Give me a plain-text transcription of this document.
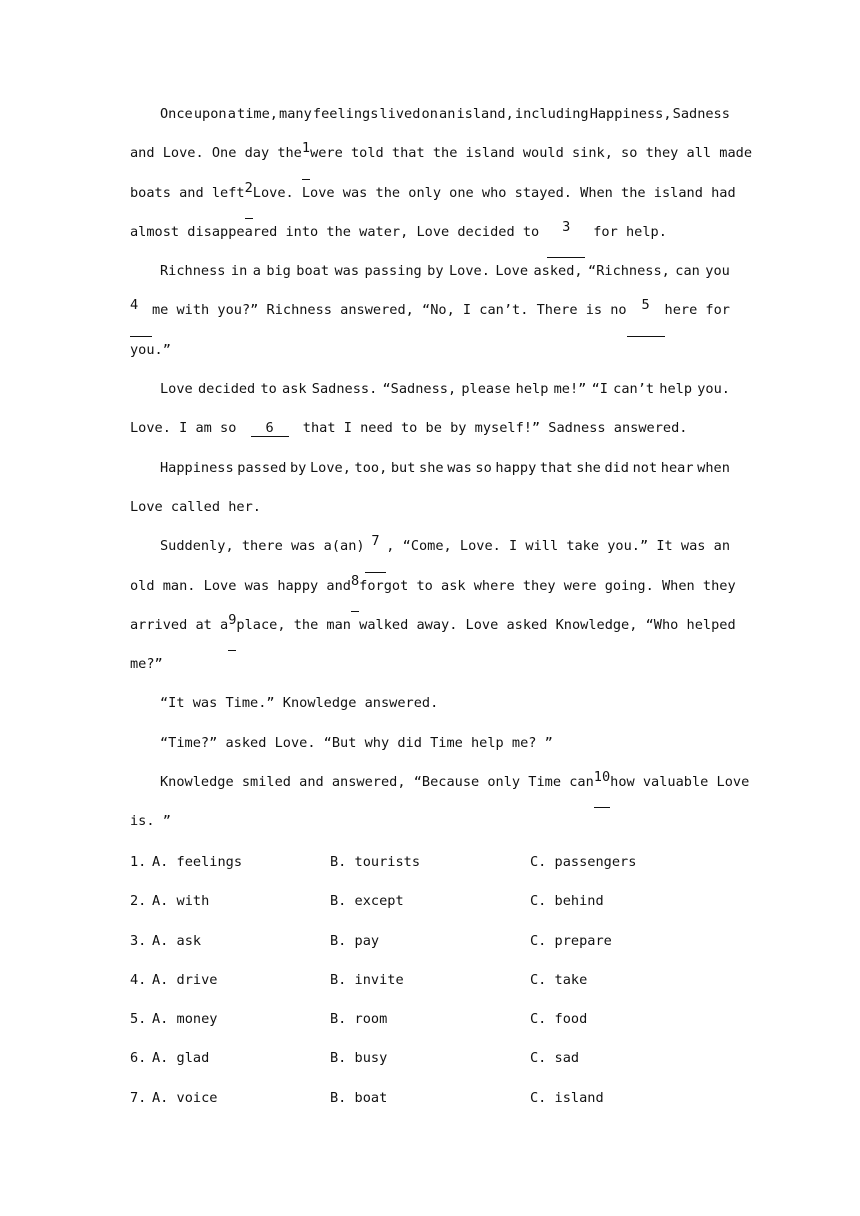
Once upon a time, many feelings lived on an island, including Happiness, Sadness
and Love. One day the 1 were told that the island would sink, so they all made
boats and left 2 Love. Love was the only one who stayed. When the island had
almost disappeared into the water, Love decided to	3	for help.
Richness in a big boat was passing by Love. Love asked, “Richness, can you
4	me with you?” Richness answered, “No, I can’t. There is no	5	here for
you.”
Love decided to ask Sadness. “Sadness, please help me!” “I can’t help you.
Love. I am so 6 that I need to be by myself!” Sadness answered.
Happiness passed by Love, too, but she was so happy that she did not hear when
Love called her.
Suddenly, there was a(an) 7 , “Come, Love. I will take you.” It was an
old man. Love was happy and 8 forgot to ask where they were going. When they
arrived at a 9 place, the man walked away. Love asked Knowledge, “Who helped
me?”
“It was Time.” Knowledge answered.
“Time?” asked Love. “But why did Time help me? ”
Knowledge smiled and answered, “Because only Time can 10 how valuable Love
is. ”
1. A. feelings	B. tourists	C. passengers
2. A. with	B. except	C. behind
3. A. ask	B. pay	C. prepare
4. A. drive	B. invite	C. take
5. A. money	B. room	C. food
6. A. glad	B. busy	C. sad
7. A. voice	B. boat	C. island
